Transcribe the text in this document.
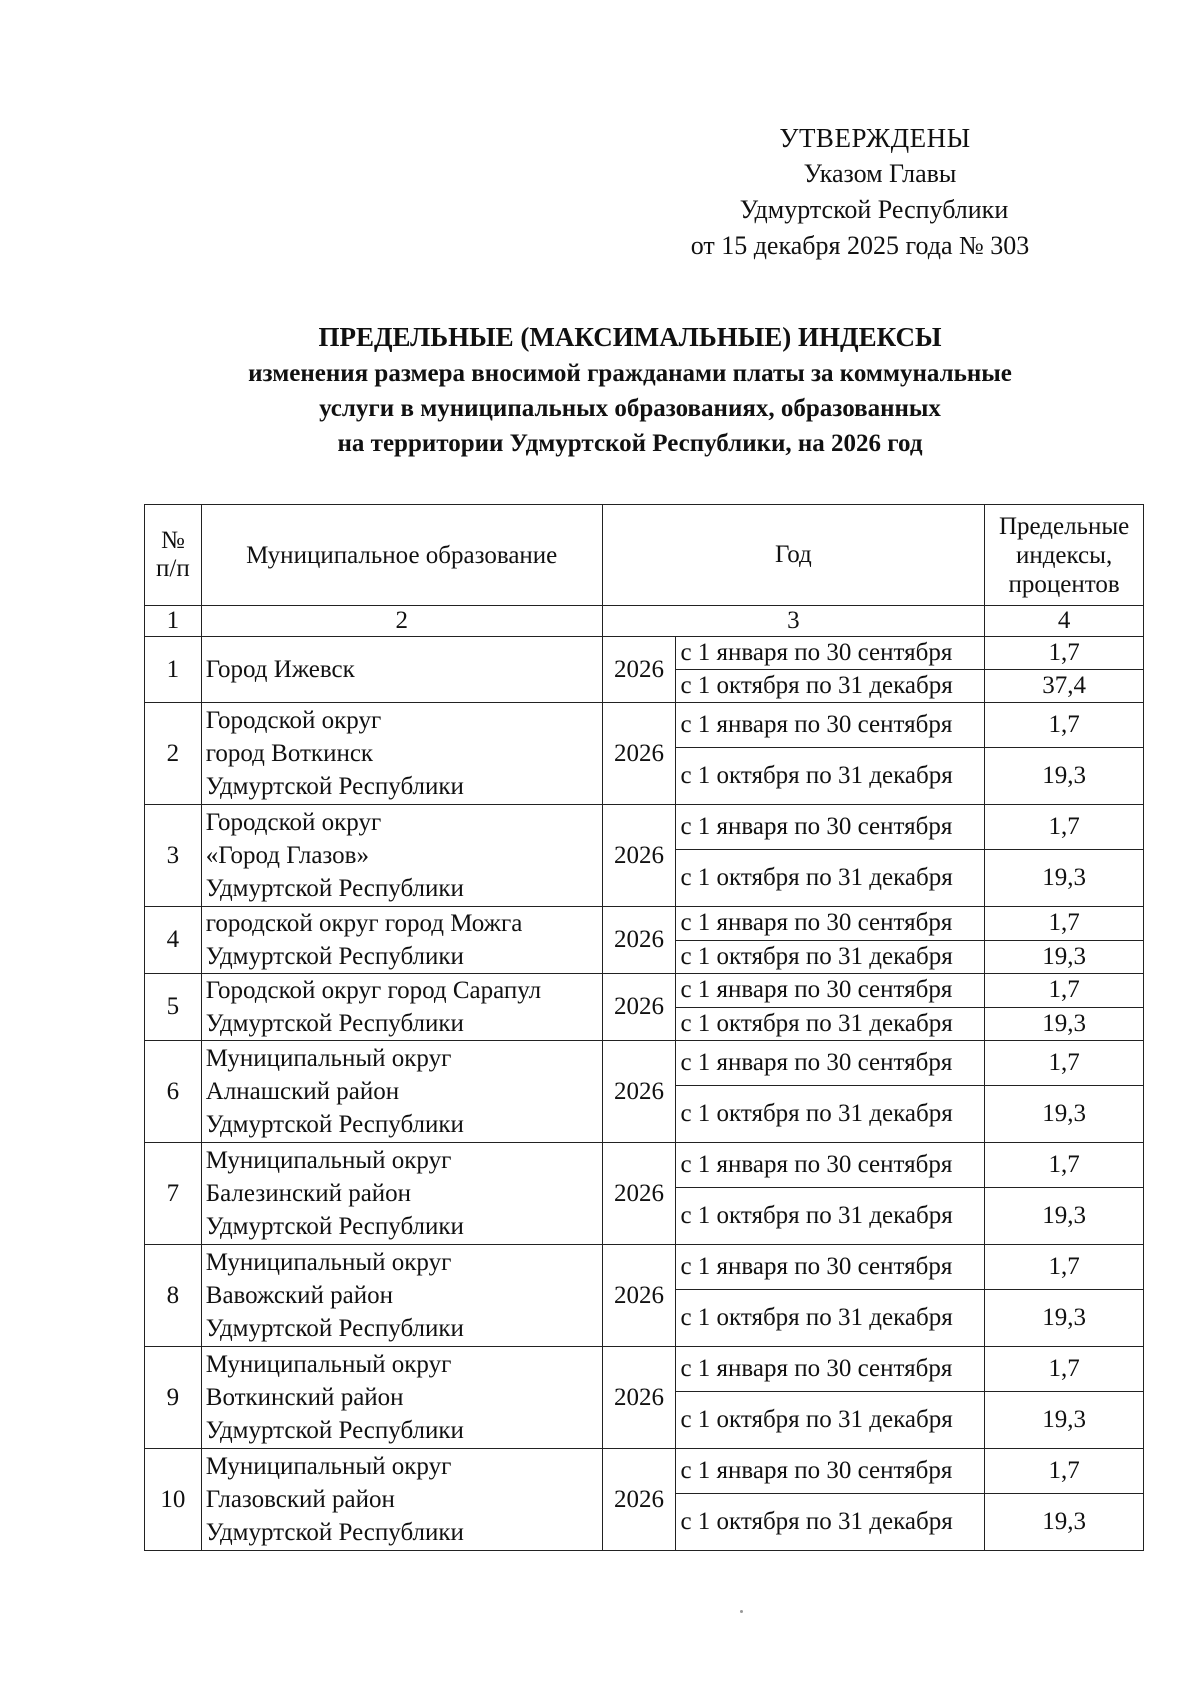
УТВЕРЖДЕНЫ
Указом Главы
Удмуртской Республики
от 15 декабря 2025 года № 303
ПРЕДЕЛЬНЫЕ (МАКСИМАЛЬНЫЕ) ИНДЕКСЫ
изменения размера вносимой гражданами платы за коммунальные
услуги в муниципальных образованиях, образованных
на территории Удмуртской Республики, на 2026 год
№ п/п	Муниципальное образование	Год		Предельные индексы, процентов
1	2	3		4
1	Город Ижевск	2026	с 1 января по 30 сентября	1,7
			с 1 октября по 31 декабря	37,4
2	Городской округ
город Воткинск
Удмуртской Республики	2026	с 1 января по 30 сентября	1,7
			с 1 октября по 31 декабря	19,3
3	Городской округ
«Город Глазов»
Удмуртской Республики	2026	с 1 января по 30 сентября	1,7
			с 1 октября по 31 декабря	19,3
4	городской округ город Можга
Удмуртской Республики	2026	с 1 января по 30 сентября	1,7
			с 1 октября по 31 декабря	19,3
5	Городской округ город Сарапул
Удмуртской Республики	2026	с 1 января по 30 сентября	1,7
			с 1 октября по 31 декабря	19,3
6	Муниципальный округ
Алнашский район
Удмуртской Республики	2026	с 1 января по 30 сентября	1,7
			с 1 октября по 31 декабря	19,3
7	Муниципальный округ
Балезинский район
Удмуртской Республики	2026	с 1 января по 30 сентября	1,7
			с 1 октября по 31 декабря	19,3
8	Муниципальный округ
Вавожский район
Удмуртской Республики	2026	с 1 января по 30 сентября	1,7
			с 1 октября по 31 декабря	19,3
9	Муниципальный округ
Воткинский район
Удмуртской Республики	2026	с 1 января по 30 сентября	1,7
			с 1 октября по 31 декабря	19,3
10	Муниципальный округ
Глазовский район
Удмуртской Республики	2026	с 1 января по 30 сентября	1,7
			с 1 октября по 31 декабря	19,3
